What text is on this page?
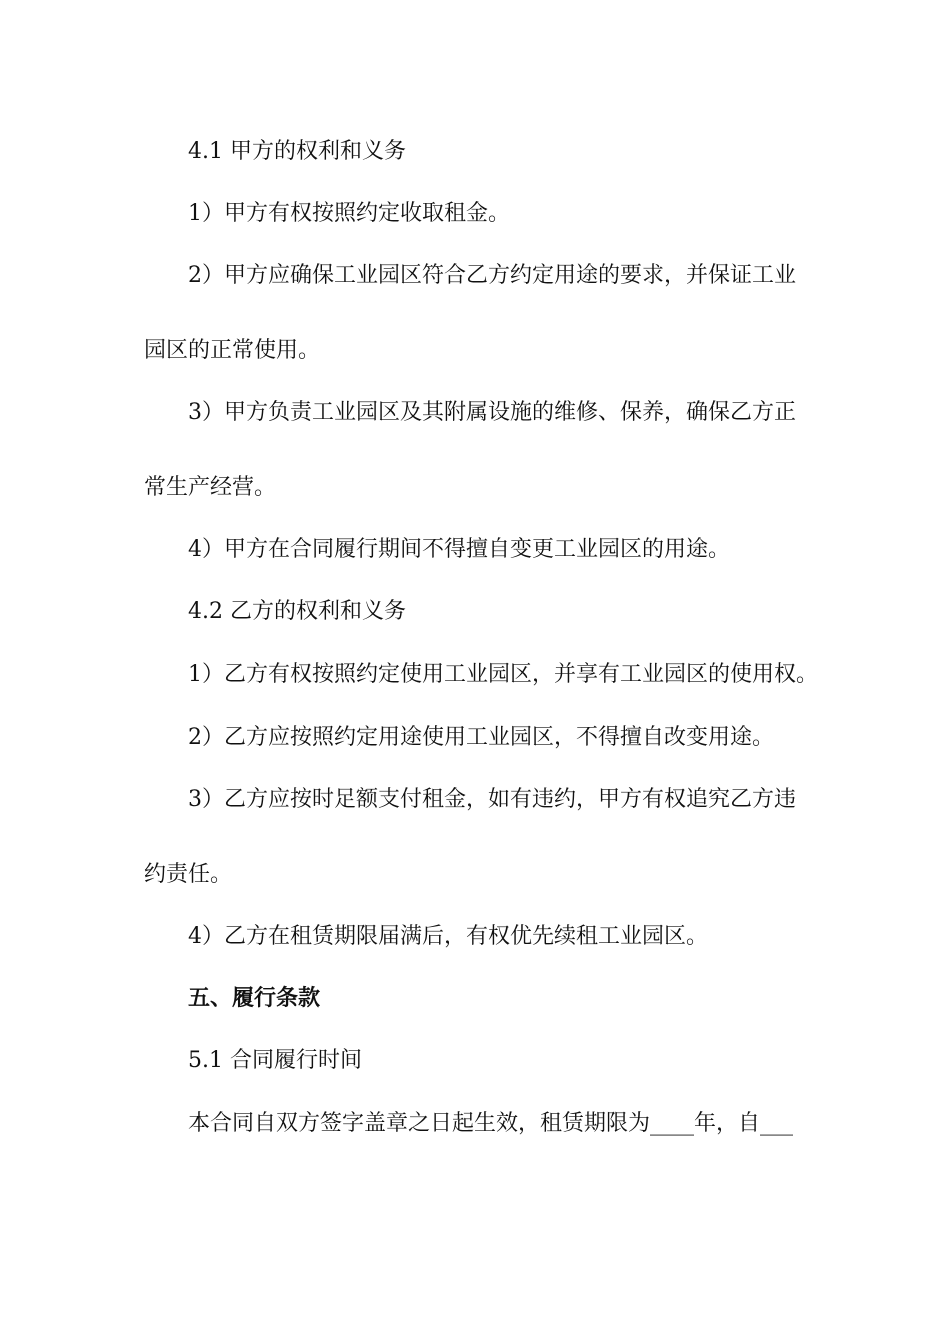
4.1 甲方的权利和义务
1）甲方有权按照约定收取租金。
2）甲方应确保工业园区符合乙方约定用途的要求，并保证工业
园区的正常使用。
3）甲方负责工业园区及其附属设施的维修、保养，确保乙方正
常生产经营。
4）甲方在合同履行期间不得擅自变更工业园区的用途。
4.2 乙方的权利和义务
1）乙方有权按照约定使用工业园区，并享有工业园区的使用权。
2）乙方应按照约定用途使用工业园区，不得擅自改变用途。
3）乙方应按时足额支付租金，如有违约，甲方有权追究乙方违
约责任。
4）乙方在租赁期限届满后，有权优先续租工业园区。
五、履行条款
5.1 合同履行时间
本合同自双方签字盖章之日起生效，租赁期限为____年，自___
